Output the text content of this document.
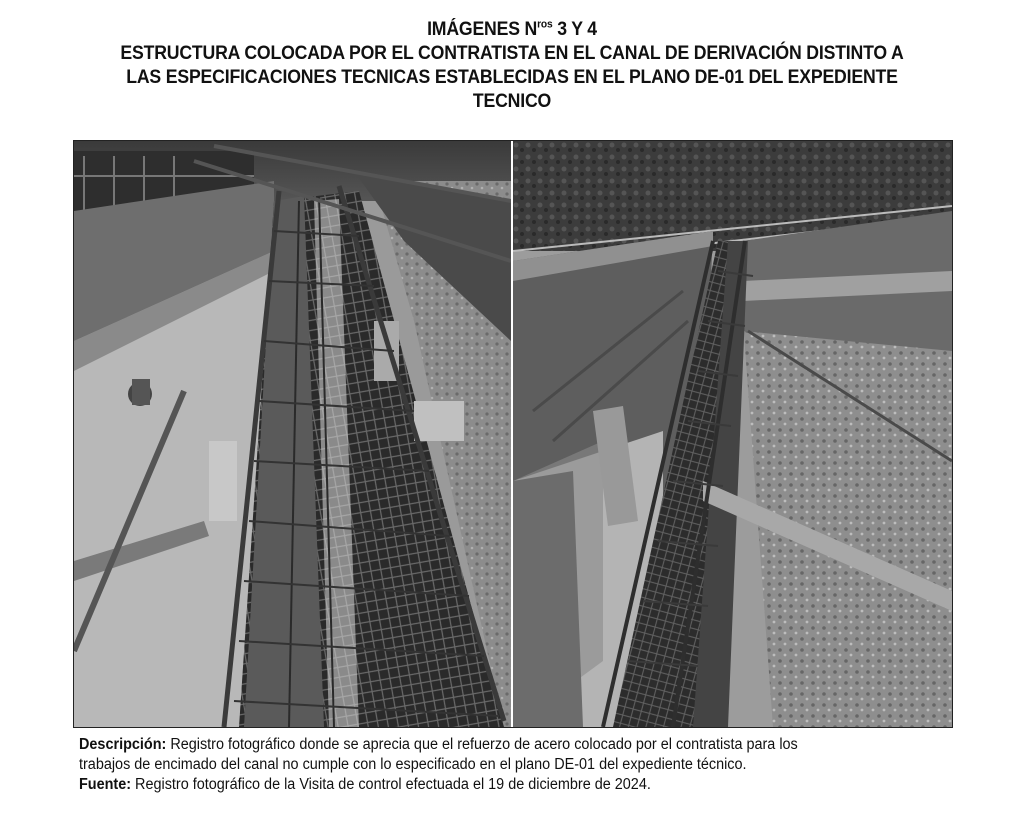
IMÁGENES $N^{ros}$ 3 Y 4
ESTRUCTURA COLOCADA POR EL CONTRATISTA EN EL CANAL DE DERIVACIÓN DISTINTO A
LAS ESPECIFICACIONES TECNICAS ESTABLECIDAS EN EL PLANO DE-01 DEL EXPEDIENTE
TECNICO

Descripción: Registro fotográfico donde se aprecia que el refuerzo de acero colocado por el contratista para los

trabajos de encimado del canal no cumple con lo especificado en el plano DE-01 del expediente técnico.

Fuente: Registro fotográfico de la Visita de control efectuada el 19 de diciembre de 2024.
